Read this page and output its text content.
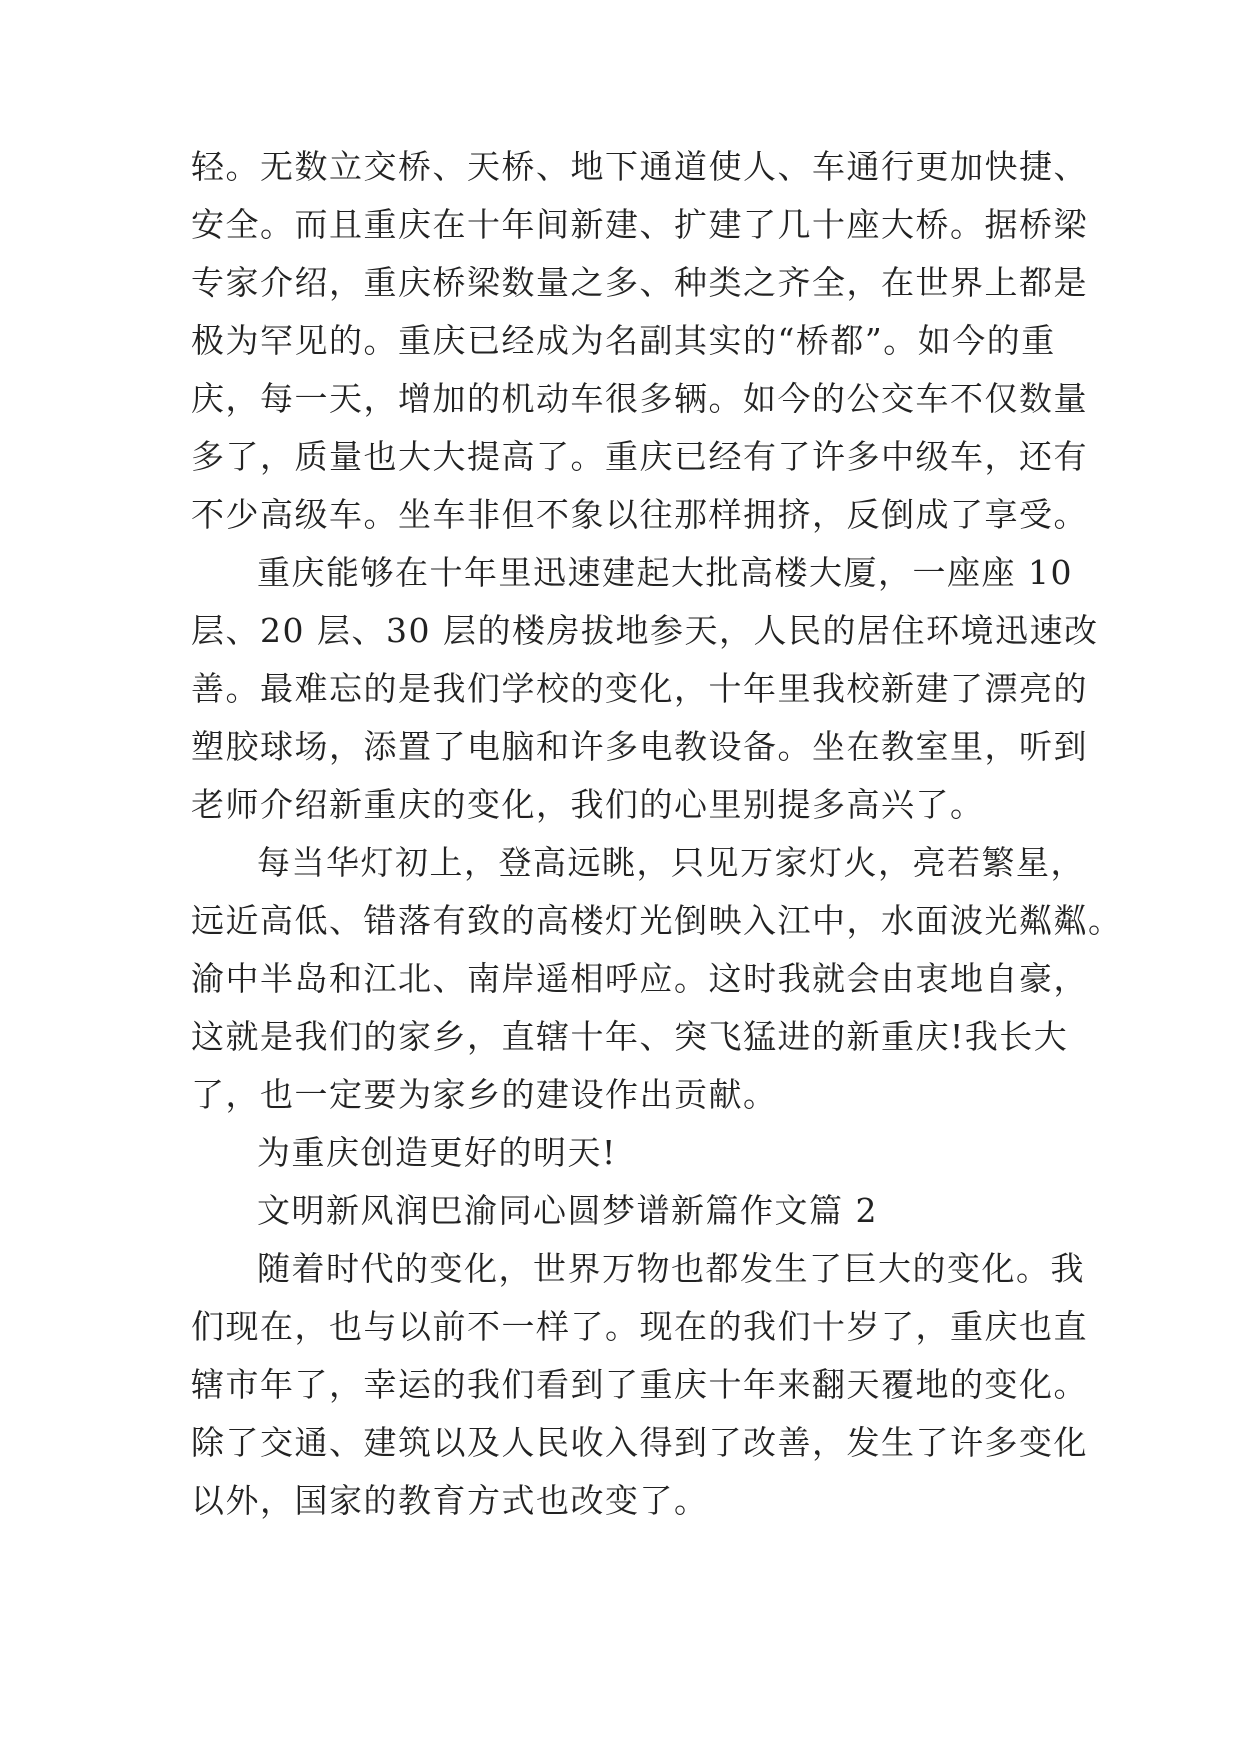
轻。无数立交桥、天桥、地下通道使人、车通行更加快捷、
安全。而且重庆在十年间新建、扩建了几十座大桥。据桥梁
专家介绍，重庆桥梁数量之多、种类之齐全，在世界上都是
极为罕见的。重庆已经成为名副其实的“桥都”。如今的重
庆，每一天，增加的机动车很多辆。如今的公交车不仅数量
多了，质量也大大提高了。重庆已经有了许多中级车，还有
不少高级车。坐车非但不象以往那样拥挤，反倒成了享受。
重庆能够在十年里迅速建起大批高楼大厦，一座座 10
层、20 层、30 层的楼房拔地参天，人民的居住环境迅速改
善。最难忘的是我们学校的变化，十年里我校新建了漂亮的
塑胶球场，添置了电脑和许多电教设备。坐在教室里，听到
老师介绍新重庆的变化，我们的心里别提多高兴了。
每当华灯初上，登高远眺，只见万家灯火，亮若繁星，
远近高低、错落有致的高楼灯光倒映入江中，水面波光粼粼。
渝中半岛和江北、南岸遥相呼应。这时我就会由衷地自豪，
这就是我们的家乡，直辖十年、突飞猛进的新重庆!我长大
了，也一定要为家乡的建设作出贡献。
为重庆创造更好的明天!
文明新风润巴渝同心圆梦谱新篇作文篇 2
随着时代的变化，世界万物也都发生了巨大的变化。我
们现在，也与以前不一样了。现在的我们十岁了，重庆也直
辖市年了，幸运的我们看到了重庆十年来翻天覆地的变化。
除了交通、建筑以及人民收入得到了改善，发生了许多变化
以外，国家的教育方式也改变了。
